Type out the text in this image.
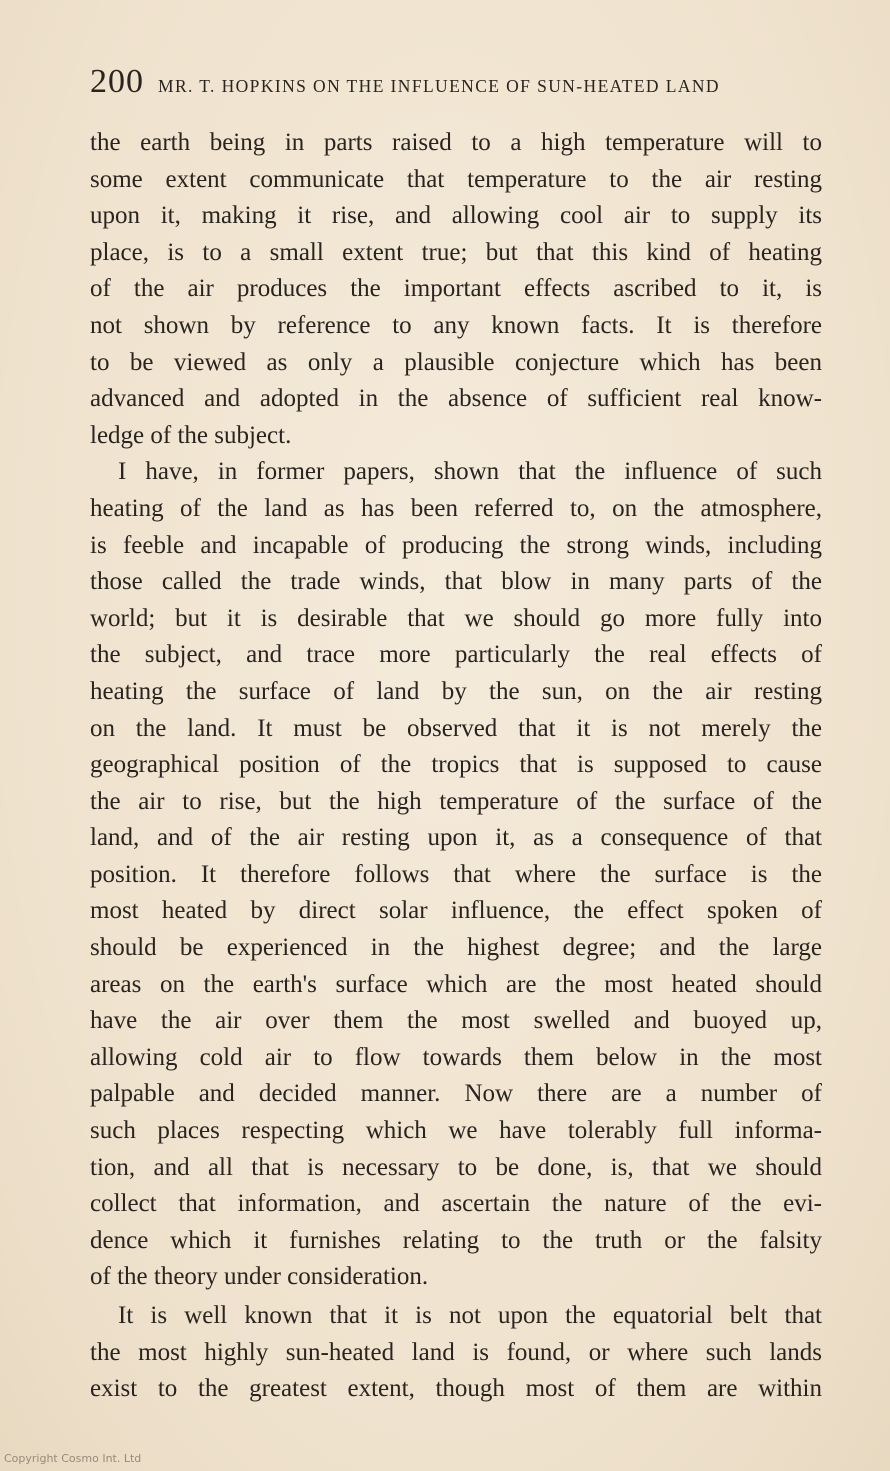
200 MR. T. HOPKINS ON THE INFLUENCE OF SUN-HEATED LAND
the earth being in parts raised to a high temperature will to
some extent communicate that temperature to the air resting
upon it, making it rise, and allowing cool air to supply its
place, is to a small extent true; but that this kind of heating
of the air produces the important effects ascribed to it, is
not shown by reference to any known facts. It is therefore
to be viewed as only a plausible conjecture which has been
advanced and adopted in the absence of sufficient real know-
ledge of the subject.
I have, in former papers, shown that the influence of such
heating of the land as has been referred to, on the atmosphere,
is feeble and incapable of producing the strong winds, including
those called the trade winds, that blow in many parts of the
world; but it is desirable that we should go more fully into
the subject, and trace more particularly the real effects of
heating the surface of land by the sun, on the air resting
on the land. It must be observed that it is not merely the
geographical position of the tropics that is supposed to cause
the air to rise, but the high temperature of the surface of the
land, and of the air resting upon it, as a consequence of that
position. It therefore follows that where the surface is the
most heated by direct solar influence, the effect spoken of
should be experienced in the highest degree; and the large
areas on the earth's surface which are the most heated should
have the air over them the most swelled and buoyed up,
allowing cold air to flow towards them below in the most
palpable and decided manner. Now there are a number of
such places respecting which we have tolerably full informa-
tion, and all that is necessary to be done, is, that we should
collect that information, and ascertain the nature of the evi-
dence which it furnishes relating to the truth or the falsity
of the theory under consideration.
It is well known that it is not upon the equatorial belt that
the most highly sun-heated land is found, or where such lands
exist to the greatest extent, though most of them are within
Copyright Cosmo Int. Ltd
